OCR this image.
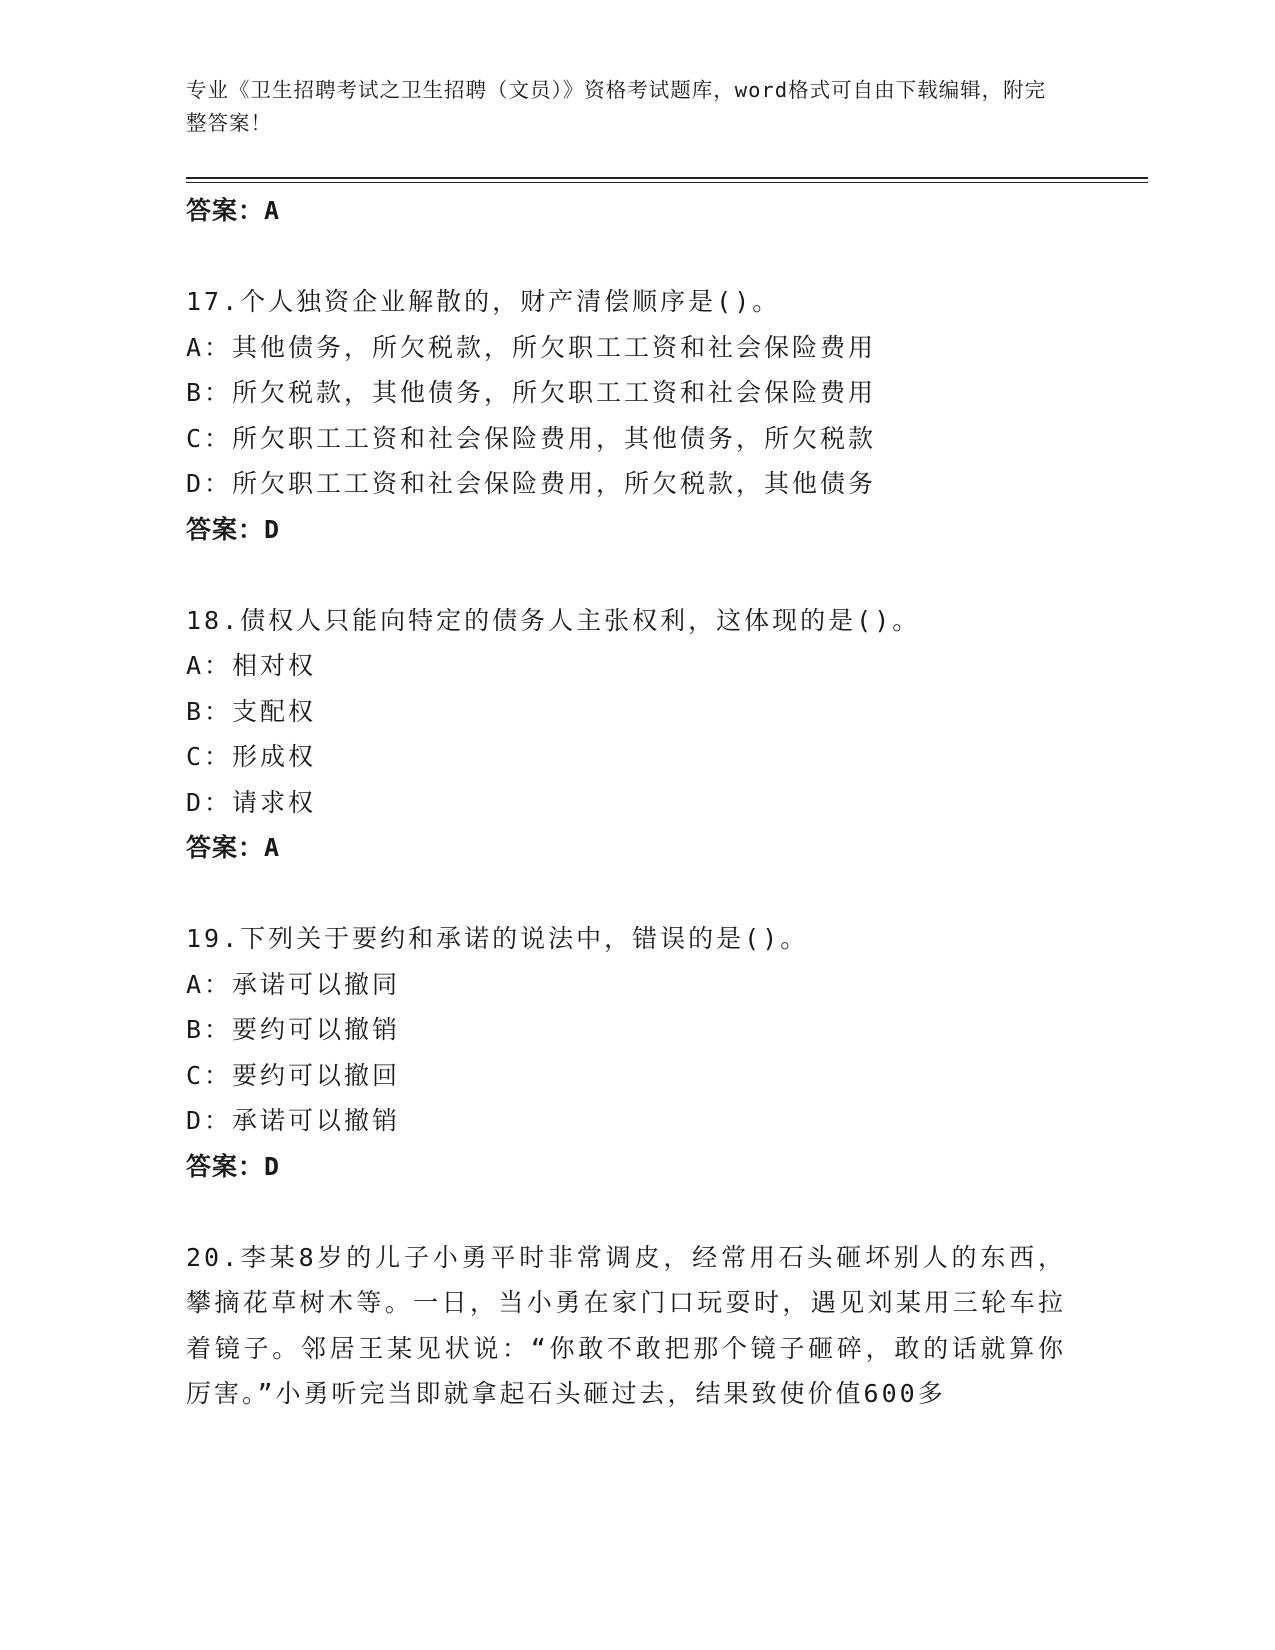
专业《卫生招聘考试之卫生招聘（文员）》资格考试题库，word格式可自由下载编辑，附完整答案！
答案：A
17.个人独资企业解散的，财产清偿顺序是()。
A：其他债务，所欠税款，所欠职工工资和社会保险费用
B：所欠税款，其他债务，所欠职工工资和社会保险费用
C：所欠职工工资和社会保险费用，其他债务，所欠税款
D：所欠职工工资和社会保险费用，所欠税款，其他债务
答案：D
18.债权人只能向特定的债务人主张权利，这体现的是()。
A：相对权
B：支配权
C：形成权
D：请求权
答案：A
19.下列关于要约和承诺的说法中，错误的是()。
A：承诺可以撤同
B：要约可以撤销
C：要约可以撤回
D：承诺可以撤销
答案：D
20.李某8岁的儿子小勇平时非常调皮，经常用石头砸坏别人的东西，攀摘花草树木等。一日，当小勇在家门口玩耍时，遇见刘某用三轮车拉着镜子。邻居王某见状说：“你敢不敢把那个镜子砸碎，敢的话就算你厉害。”小勇听完当即就拿起石头砸过去，结果致使价值600多
